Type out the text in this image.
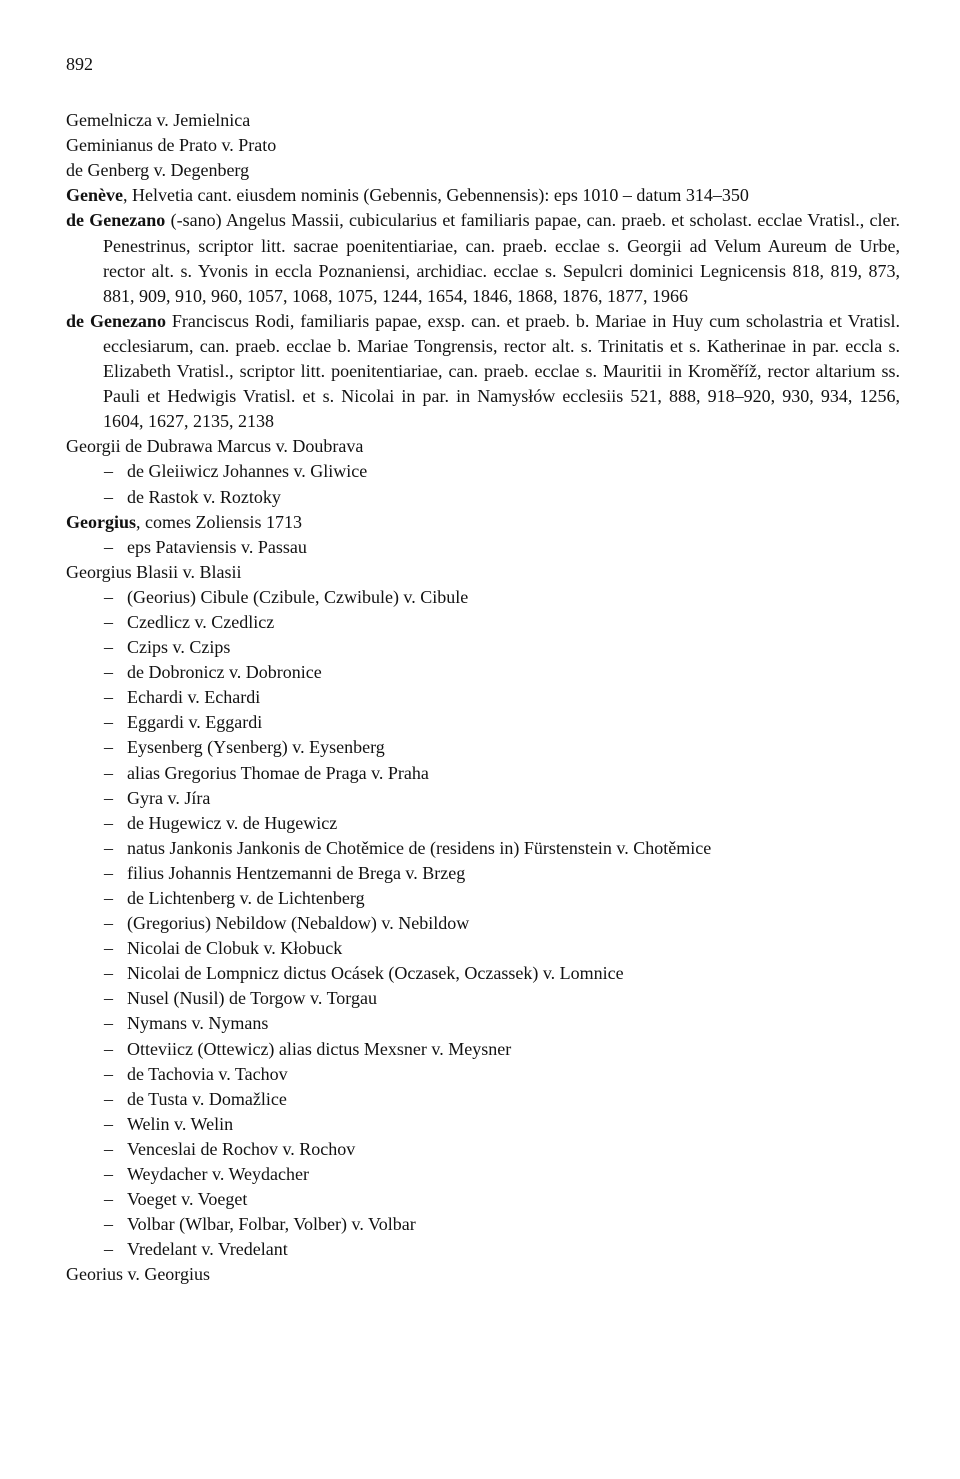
892
Gemelnicza v. Jemielnica
Geminianus de Prato v. Prato
de Genberg v. Degenberg
Genève, Helvetia cant. eiusdem nominis (Gebennis, Gebennensis): eps 1010 – datum 314–350
de Genezano (-sano) Angelus Massii, cubicularius et familiaris papae, can. praeb. et scholast. ecclae Vratisl., cler. Penestrinus, scriptor litt. sacrae poenitentiariae, can. praeb. ecclae s. Georgii ad Velum Aureum de Urbe, rector alt. s. Yvonis in eccla Poznaniensi, archidiac. ecclae s. Sepulcri dominici Legnicensis 818, 819, 873, 881, 909, 910, 960, 1057, 1068, 1075, 1244, 1654, 1846, 1868, 1876, 1877, 1966
de Genezano Franciscus Rodi, familiaris papae, exsp. can. et praeb. b. Mariae in Huy cum scholastria et Vratisl. ecclesiarum, can. praeb. ecclae b. Mariae Tongrensis, rector alt. s. Trinitatis et s. Katherinae in par. eccla s. Elizabeth Vratisl., scriptor litt. poenitentiariae, can. praeb. ecclae s. Mauritii in Kroměříž, rector altarium ss. Pauli et Hedwigis Vratisl. et s. Nicolai in par. in Namysłów ecclesiis 521, 888, 918–920, 930, 934, 1256, 1604, 1627, 2135, 2138
Georgii de Dubrawa Marcus v. Doubrava
– de Gleiiwicz Johannes v. Gliwice
– de Rastok v. Roztoky
Georgius, comes Zoliensis 1713
– eps Pataviensis v. Passau
Georgius Blasii v. Blasii
– (Georius) Cibule (Czibule, Czwibule) v. Cibule
– Czedlicz v. Czedlicz
– Czips v. Czips
– de Dobronicz v. Dobronice
– Echardi v. Echardi
– Eggardi v. Eggardi
– Eysenberg (Ysenberg) v. Eysenberg
– alias Gregorius Thomae de Praga v. Praha
– Gyra v. Jíra
– de Hugewicz v. de Hugewicz
– natus Jankonis Jankonis de Chotěmice de (residens in) Fürstenstein v. Chotěmice
– filius Johannis Hentzemanni de Brega v. Brzeg
– de Lichtenberg v. de Lichtenberg
– (Gregorius) Nebildow (Nebaldow) v. Nebildow
– Nicolai de Clobuk v. Kłobuck
– Nicolai de Lompnicz dictus Ocásek (Oczasek, Oczassek) v. Lomnice
– Nusel (Nusil) de Torgow v. Torgau
– Nymans v. Nymans
– Otteviicz (Ottewicz) alias dictus Mexsner v. Meysner
– de Tachovia v. Tachov
– de Tusta v. Domažlice
– Welin v. Welin
– Venceslai de Rochov v. Rochov
– Weydacher v. Weydacher
– Voeget v. Voeget
– Volbar (Wlbar, Folbar, Volber) v. Volbar
– Vredelant v. Vredelant
Georius v. Georgius
